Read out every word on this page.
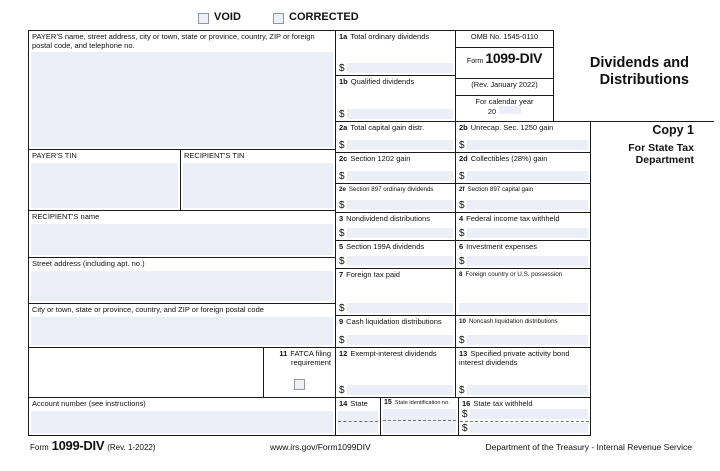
VOID	CORRECTED
PAYER'S name, street address, city or town, state or province, country, ZIP or foreign postal code, and telephone no.
PAYER'S TIN	RECIPIENT'S TIN
RECIPIENT'S name
Street address (including apt. no.)
City or town, state or province, country, and ZIP or foreign postal code
11 FATCA filing requirement
Account number (see instructions)
1a Total ordinary dividends
$
1b Qualified dividends
$
OMB No. 1545-0110
Form 1099-DIV
(Rev. January 2022)
For calendar year
20
2a Total capital gain distr.
$
2b Unrecap. Sec. 1250 gain
$
2c Section 1202 gain
$
2d Collectibles (28%) gain
$
2e Section 897 ordinary dividends
$
2f Section 897 capital gain
$
3 Nondividend distributions
$
4 Federal income tax withheld
$
5 Section 199A dividends
$
6 Investment expenses
$
7 Foreign tax paid
$
8 Foreign country or U.S. possession
9 Cash liquidation distributions
$
10 Noncash liquidation distributions
$
12 Exempt-interest dividends
$
13 Specified private activity bond interest dividends
$
14 State	15 State identification no.	16 State tax withheld
$
$
Dividends and
Distributions
Copy 1
For State Tax
Department
Form 1099-DIV (Rev. 1-2022)	www.irs.gov/Form1099DIV	Department of the Treasury - Internal Revenue Service
